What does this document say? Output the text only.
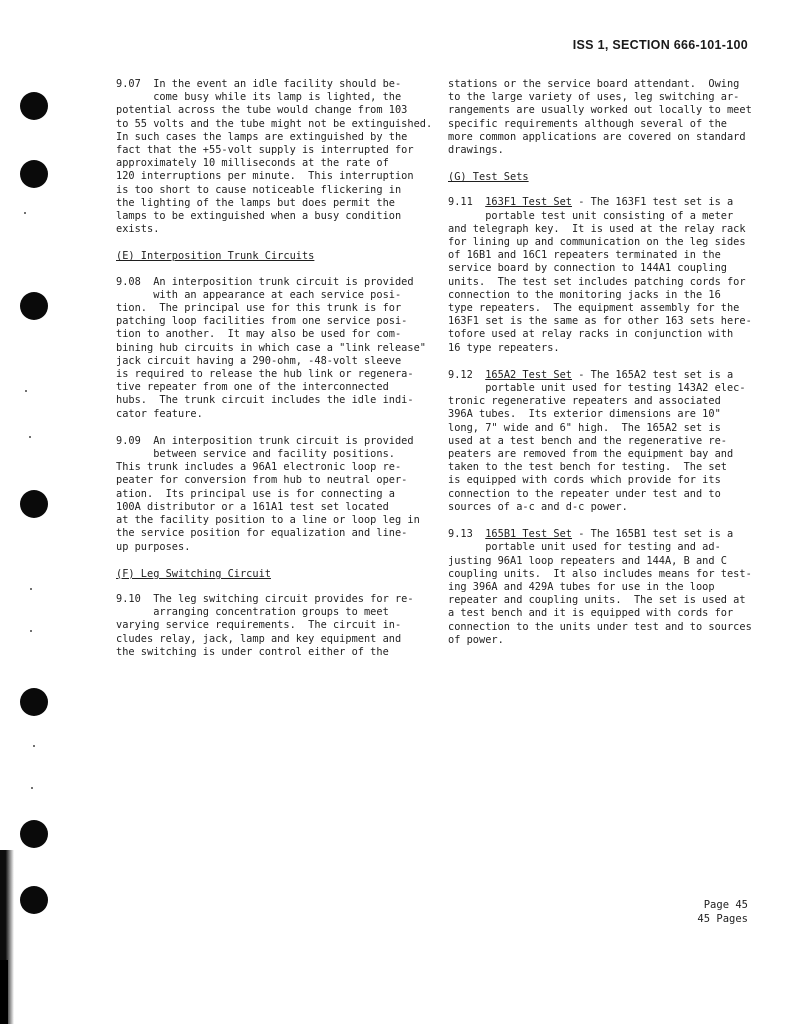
ISS 1, SECTION 666-101-100
9.07  In the event an idle facility should be-
come busy while its lamp is lighted, the
potential across the tube would change from 103
to 55 volts and the tube might not be extinguished.
In such cases the lamps are extinguished by the
fact that the +55-volt supply is interrupted for
approximately 10 milliseconds at the rate of
120 interruptions per minute.  This interruption
is too short to cause noticeable flickering in
the lighting of the lamps but does permit the
lamps to be extinguished when a busy condition
exists.
(E) Interposition Trunk Circuits
9.08  An interposition trunk circuit is provided
with an appearance at each service posi-
tion.  The principal use for this trunk is for
patching loop facilities from one service posi-
tion to another.  It may also be used for com-
bining hub circuits in which case a "link release"
jack circuit having a 290-ohm, -48-volt sleeve
is required to release the hub link or regenera-
tive repeater from one of the interconnected
hubs.  The trunk circuit includes the idle indi-
cator feature.
9.09  An interposition trunk circuit is provided
between service and facility positions.
This trunk includes a 96A1 electronic loop re-
peater for conversion from hub to neutral oper-
ation.  Its principal use is for connecting a
100A distributor or a 161A1 test set located
at the facility position to a line or loop leg in
the service position for equalization and line-
up purposes.
(F) Leg Switching Circuit
9.10  The leg switching circuit provides for re-
arranging concentration groups to meet
varying service requirements.  The circuit in-
cludes relay, jack, lamp and key equipment and
the switching is under control either of the
stations or the service board attendant.  Owing
to the large variety of uses, leg switching ar-
rangements are usually worked out locally to meet
specific requirements although several of the
more common applications are covered on standard
drawings.
(G) Test Sets
9.11 163F1 Test Set - The 163F1 test set is a
portable test unit consisting of a meter
and telegraph key.  It is used at the relay rack
for lining up and communication on the leg sides
of 16B1 and 16C1 repeaters terminated in the
service board by connection to 144A1 coupling
units.  The test set includes patching cords for
connection to the monitoring jacks in the 16
type repeaters.  The equipment assembly for the
163F1 set is the same as for other 163 sets here-
tofore used at relay racks in conjunction with
16 type repeaters.
9.12 165A2 Test Set - The 165A2 test set is a
portable unit used for testing 143A2 elec-
tronic regenerative repeaters and associated
396A tubes.  Its exterior dimensions are 10"
long, 7" wide and 6" high.  The 165A2 set is
used at a test bench and the regenerative re-
peaters are removed from the equipment bay and
taken to the test bench for testing.  The set
is equipped with cords which provide for its
connection to the repeater under test and to
sources of a-c and d-c power.
9.13 165B1 Test Set - The 165B1 test set is a
portable unit used for testing and ad-
justing 96A1 loop repeaters and 144A, B and C
coupling units.  It also includes means for test-
ing 396A and 429A tubes for use in the loop
repeater and coupling units.  The set is used at
a test bench and it is equipped with cords for
connection to the units under test and to sources
of power.
Page 45
45 Pages
